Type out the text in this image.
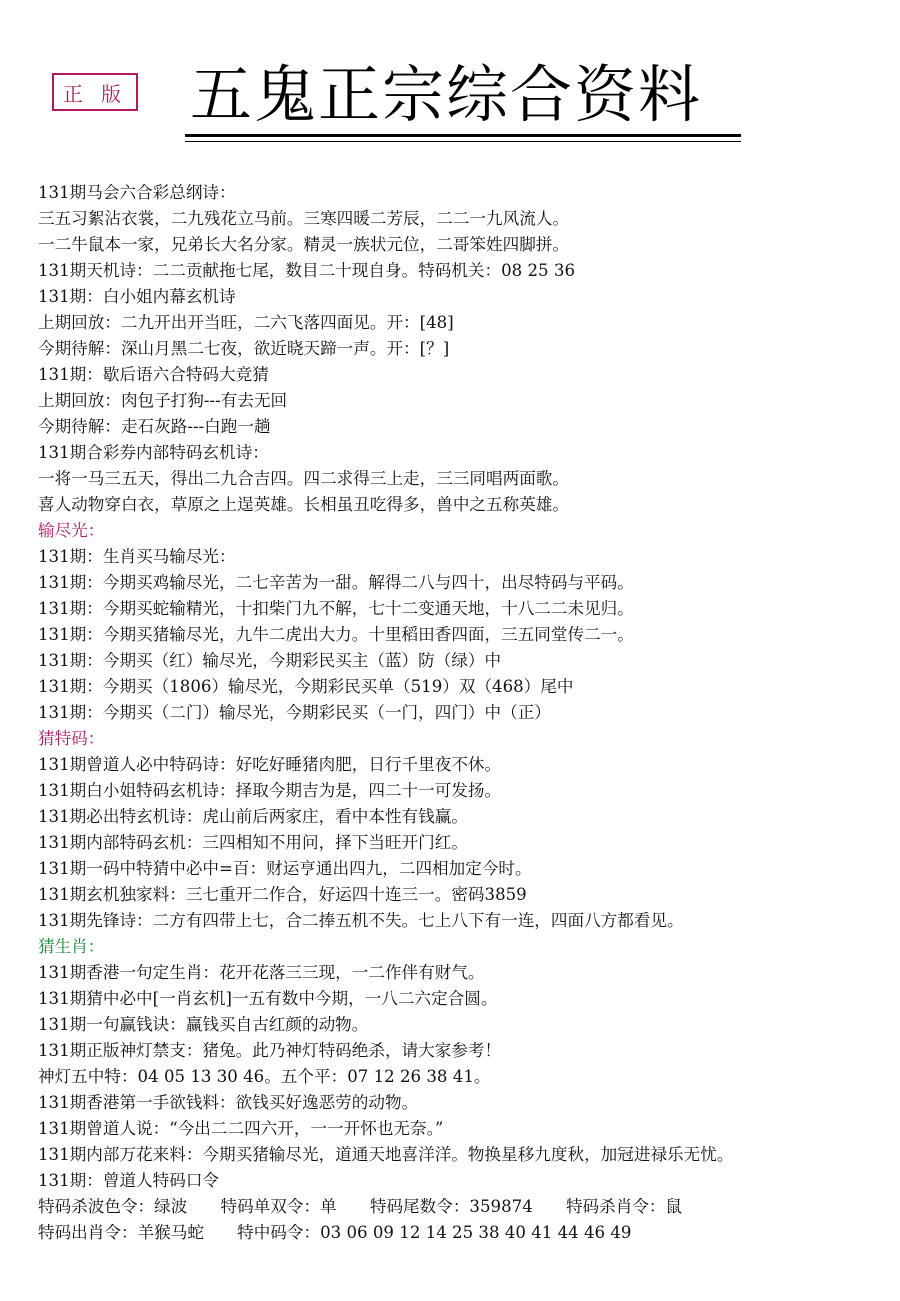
正 版 五鬼正宗综合资料
131期马会六合彩总纲诗：
三五习絮沾衣裳，二九残花立马前。三寒四暖二芳辰，二二一九风流人。
一二牛鼠本一家，兄弟长大名分家。精灵一族状元位，二哥笨姓四脚拼。
131期天机诗：二二贡献拖七尾，数目二十现自身。特码机关：08 25 36
131期：白小姐内幕玄机诗
上期回放：二九开出开当旺，二六飞落四面见。开：[48]
今期待解：深山月黑二七夜，欲近晓天蹄一声。开：[？]
131期：歇后语六合特码大竞猜
上期回放：肉包子打狗---有去无回
今期待解：走石灰路---白跑一趟
131期合彩券内部特码玄机诗：
一将一马三五天，得出二九合吉四。四二求得三上走，三三同唱两面歌。
喜人动物穿白衣，草原之上逞英雄。长相虽丑吃得多，兽中之五称英雄。
输尽光：
131期：生肖买马输尽光：
131期：今期买鸡输尽光，二七辛苦为一甜。解得二八与四十，出尽特码与平码。
131期：今期买蛇输精光，十扣柴门九不解，七十二变通天地，十八二二未见归。
131期：今期买猪输尽光，九牛二虎出大力。十里稻田香四面，三五同堂传二一。
131期：今期买（红）输尽光，今期彩民买主（蓝）防（绿）中
131期：今期买（1806）输尽光，今期彩民买单（519）双（468）尾中
131期：今期买（二门）输尽光，今期彩民买（一门，四门）中（正）
猜特码：
131期曾道人必中特码诗：好吃好睡猪肉肥，日行千里夜不休。
131期白小姐特码玄机诗：择取今期吉为是，四二十一可发扬。
131期必出特玄机诗：虎山前后两家庄，看中本性有钱赢。
131期内部特码玄机：三四相知不用问，择下当旺开门红。
131期一码中特猜中必中=百：财运亨通出四九，二四相加定今时。
131期玄机独家料：三七重开二作合，好运四十连三一。密码3859
131期先锋诗：二方有四带上七，合二捧五机不失。七上八下有一连，四面八方都看见。
猜生肖：
131期香港一句定生肖：花开花落三三现，一二作伴有财气。
131期猜中必中[一肖玄机]一五有数中今期，一八二六定合圆。
131期一句赢钱诀：赢钱买自古红颜的动物。
131期正版神灯禁支：猪兔。此乃神灯特码绝杀，请大家参考！
神灯五中特：04 05 13 30 46。五个平：07 12 26 38 41。
131期香港第一手欲钱料：欲钱买好逸恶劳的动物。
131期曾道人说：“今出二二四六开，一一开怀也无奈。”
131期内部万花来料：今期买猪输尽光，道通天地喜洋洋。物换星移九度秋，加冠进禄乐无忧。
131期：曾道人特码口令
特码杀波色令：绿波　　特码单双令：单　　特码尾数令：359874　　特码杀肖令：鼠
特码出肖令：羊猴马蛇　　特中码令：03 06 09 12 14 25 38 40 41 44 46 49
